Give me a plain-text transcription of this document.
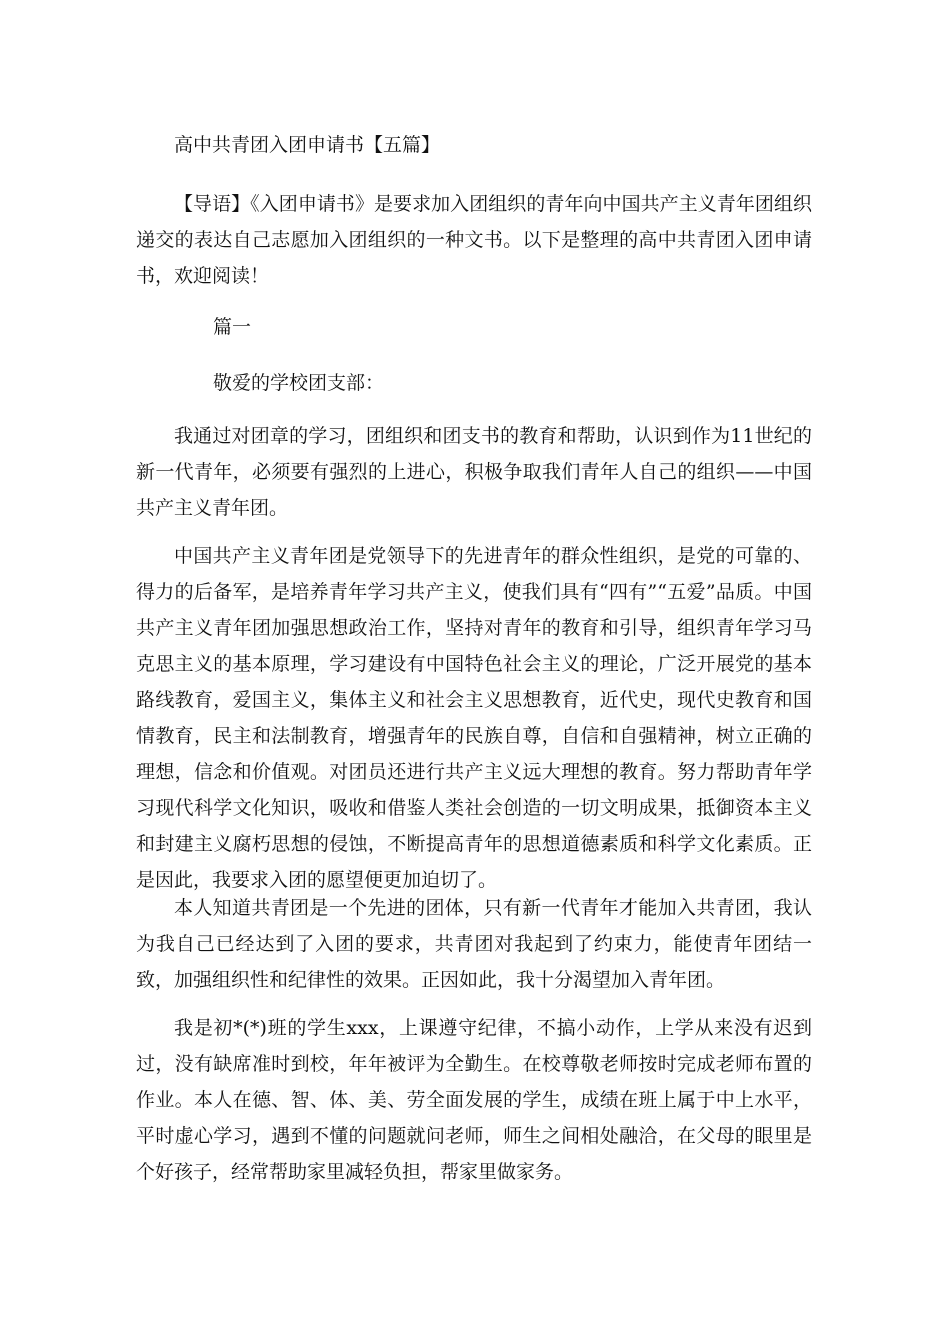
高中共青团入团申请书【五篇】
【导语】《入团申请书》是要求加入团组织的青年向中国共产主义青年团组织递交的表达自己志愿加入团组织的一种文书。以下是整理的高中共青团入团申请书，欢迎阅读！
篇一
敬爱的学校团支部：
我通过对团章的学习，团组织和团支书的教育和帮助，认识到作为11世纪的新一代青年，必须要有强烈的上进心，积极争取我们青年人自己的组织——中国共产主义青年团。
中国共产主义青年团是党领导下的先进青年的群众性组织，是党的可靠的、得力的后备军，是培养青年学习共产主义，使我们具有“四有”“五爱”品质。中国共产主义青年团加强思想政治工作，坚持对青年的教育和引导，组织青年学习马克思主义的基本原理，学习建设有中国特色社会主义的理论，广泛开展党的基本路线教育，爱国主义，集体主义和社会主义思想教育，近代史，现代史教育和国情教育，民主和法制教育，增强青年的民族自尊，自信和自强精神，树立正确的理想，信念和价值观。对团员还进行共产主义远大理想的教育。努力帮助青年学习现代科学文化知识，吸收和借鉴人类社会创造的一切文明成果，抵御资本主义和封建主义腐朽思想的侵蚀，不断提高青年的思想道德素质和科学文化素质。正是因此，我要求入团的愿望便更加迫切了。
本人知道共青团是一个先进的团体，只有新一代青年才能加入共青团，我认为我自己已经达到了入团的要求，共青团对我起到了约束力，能使青年团结一致，加强组织性和纪律性的效果。正因如此，我十分渴望加入青年团。
我是初*(*)班的学生xxx，上课遵守纪律，不搞小动作，上学从来没有迟到过，没有缺席准时到校，年年被评为全勤生。在校尊敬老师按时完成老师布置的作业。本人在德、智、体、美、劳全面发展的学生，成绩在班上属于中上水平，平时虚心学习，遇到不懂的问题就问老师，师生之间相处融洽，在父母的眼里是个好孩子，经常帮助家里减轻负担，帮家里做家务。
